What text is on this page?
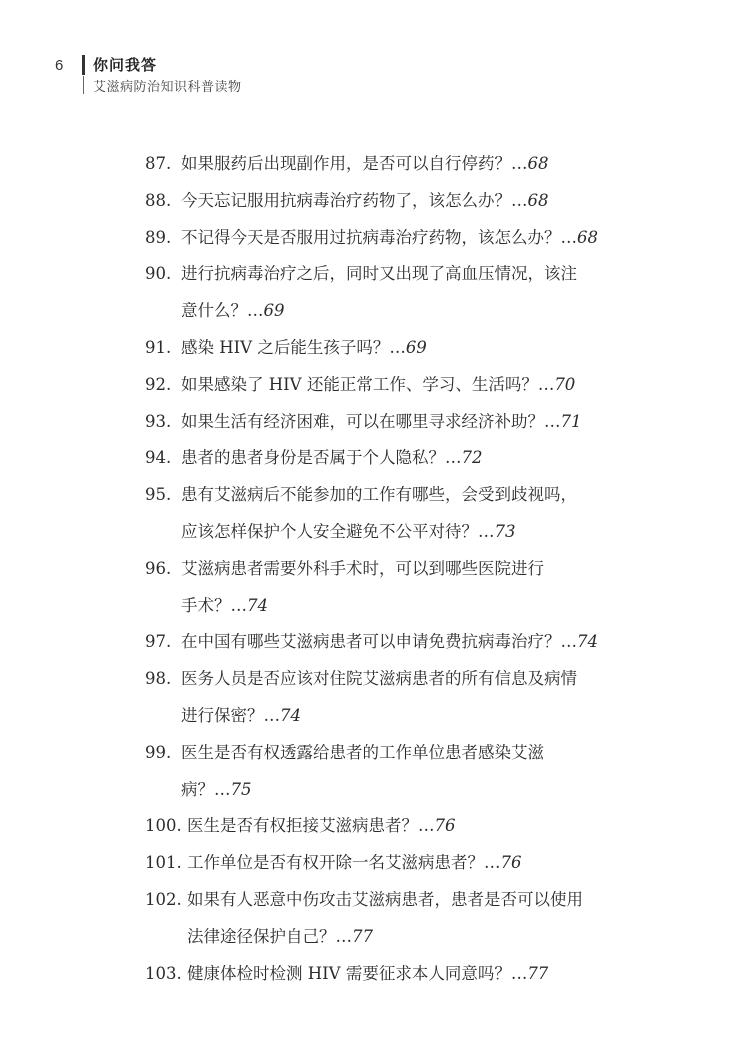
6 你问我答
艾滋病防治知识科普读物
87. 如果服药后出现副作用，是否可以自行停药？…68
88. 今天忘记服用抗病毒治疗药物了，该怎么办？…68
89. 不记得今天是否服用过抗病毒治疗药物，该怎么办？…68
90. 进行抗病毒治疗之后，同时又出现了高血压情况，该注
意什么？…69
91. 感染 HIV 之后能生孩子吗？…69
92. 如果感染了 HIV 还能正常工作、学习、生活吗？…70
93. 如果生活有经济困难，可以在哪里寻求经济补助？…71
94. 患者的患者身份是否属于个人隐私？…72
95. 患有艾滋病后不能参加的工作有哪些，会受到歧视吗，
应该怎样保护个人安全避免不公平对待？…73
96. 艾滋病患者需要外科手术时，可以到哪些医院进行
手术？…74
97. 在中国有哪些艾滋病患者可以申请免费抗病毒治疗？…74
98. 医务人员是否应该对住院艾滋病患者的所有信息及病情
进行保密？…74
99. 医生是否有权透露给患者的工作单位患者感染艾滋
病？…75
100. 医生是否有权拒接艾滋病患者？…76
101. 工作单位是否有权开除一名艾滋病患者？…76
102. 如果有人恶意中伤攻击艾滋病患者，患者是否可以使用
法律途径保护自己？…77
103. 健康体检时检测 HIV 需要征求本人同意吗？…77
